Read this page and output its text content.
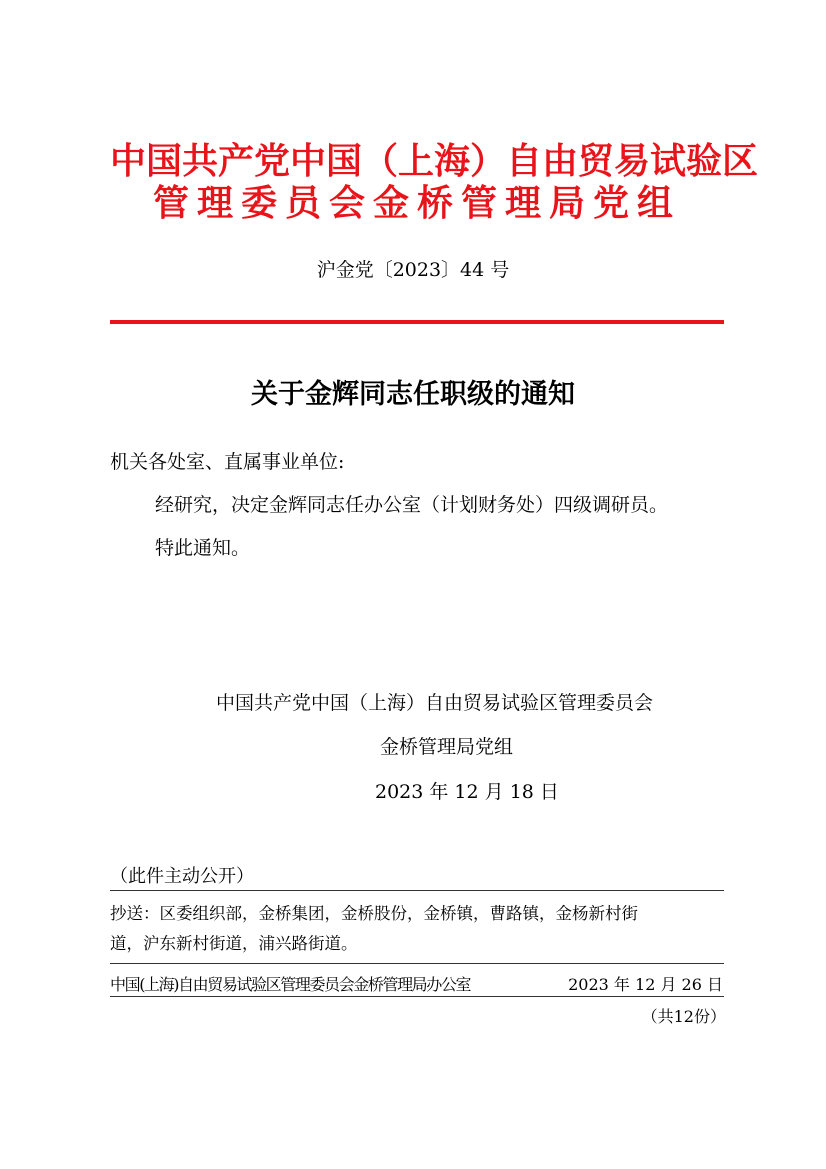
中国共产党中国（上海）自由贸易试验区
管理委员会金桥管理局党组
沪金党〔2023〕44 号
关于金辉同志任职级的通知
机关各处室、直属事业单位:
经研究，决定金辉同志任办公室（计划财务处）四级调研员。
特此通知。
中国共产党中国（上海）自由贸易试验区管理委员会
金桥管理局党组
2023 年 12 月 18 日
（此件主动公开）
抄送：区委组织部，金桥集团，金桥股份，金桥镇，曹路镇，金杨新村街
道，沪东新村街道，浦兴路街道。
中国(上海)自由贸易试验区管理委员会金桥管理局办公室	2023 年 12 月 26 日
（共12份）
